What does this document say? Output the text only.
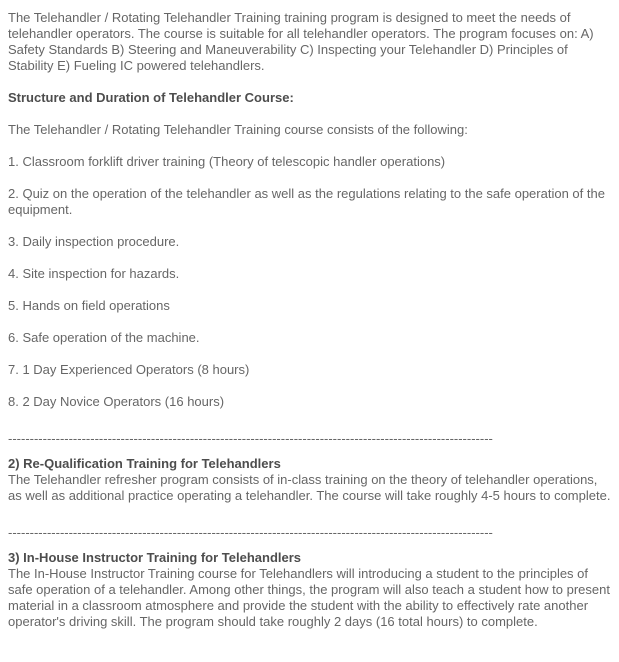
The Telehandler / Rotating Telehandler Training training program is designed to meet the needs of telehandler operators. The course is suitable for all telehandler operators. The program focuses on: A) Safety Standards B) Steering and Maneuverability C) Inspecting your Telehandler D) Principles of Stability E) Fueling IC powered telehandlers.

Structure and Duration of Telehandler Course:

The Telehandler / Rotating Telehandler Training course consists of the following:

1. Classroom forklift driver training (Theory of telescopic handler operations)

2. Quiz on the operation of the telehandler as well as the regulations relating to the safe operation of the equipment.

3. Daily inspection procedure.

4. Site inspection for hazards.

5. Hands on field operations

6. Safe operation of the machine.

7. 1 Day Experienced Operators (8 hours)

8. 2 Day Novice Operators (16 hours)

----------------------------------------------------------------------------------------------------------------

2) Re-Qualification Training for Telehandlers
The Telehandler refresher program consists of in-class training on the theory of telehandler operations, as well as additional practice operating a telehandler. The course will take roughly 4-5 hours to complete.

----------------------------------------------------------------------------------------------------------------

3) In-House Instructor Training for Telehandlers
The In-House Instructor Training course for Telehandlers will introducing a student to the principles of safe operation of a telehandler. Among other things, the program will also teach a student how to present material in a classroom atmosphere and provide the student with the ability to effectively rate another operator's driving skill. The program should take roughly 2 days (16 total hours) to complete.
